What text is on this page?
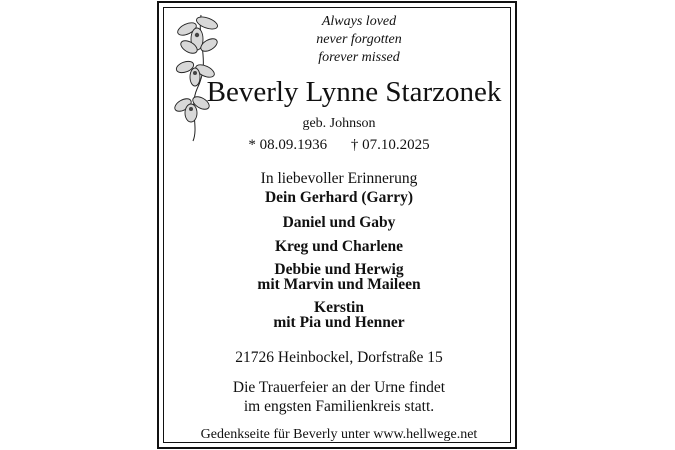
Always loved
never forgotten
forever missed
Beverly Lynne Starzonek
geb. Johnson
* 08.09.1936 † 07.10.2025
In liebevoller Erinnerung
Dein Gerhard (Garry)
Daniel und Gaby
Kreg und Charlene
Debbie und Herwig
mit Marvin und Maileen
Kerstin
mit Pia und Henner
21726 Heinbockel, Dorfstraße 15
Die Trauerfeier an der Urne findet
im engsten Familienkreis statt.
Gedenkseite für Beverly unter www.hellwege.net
